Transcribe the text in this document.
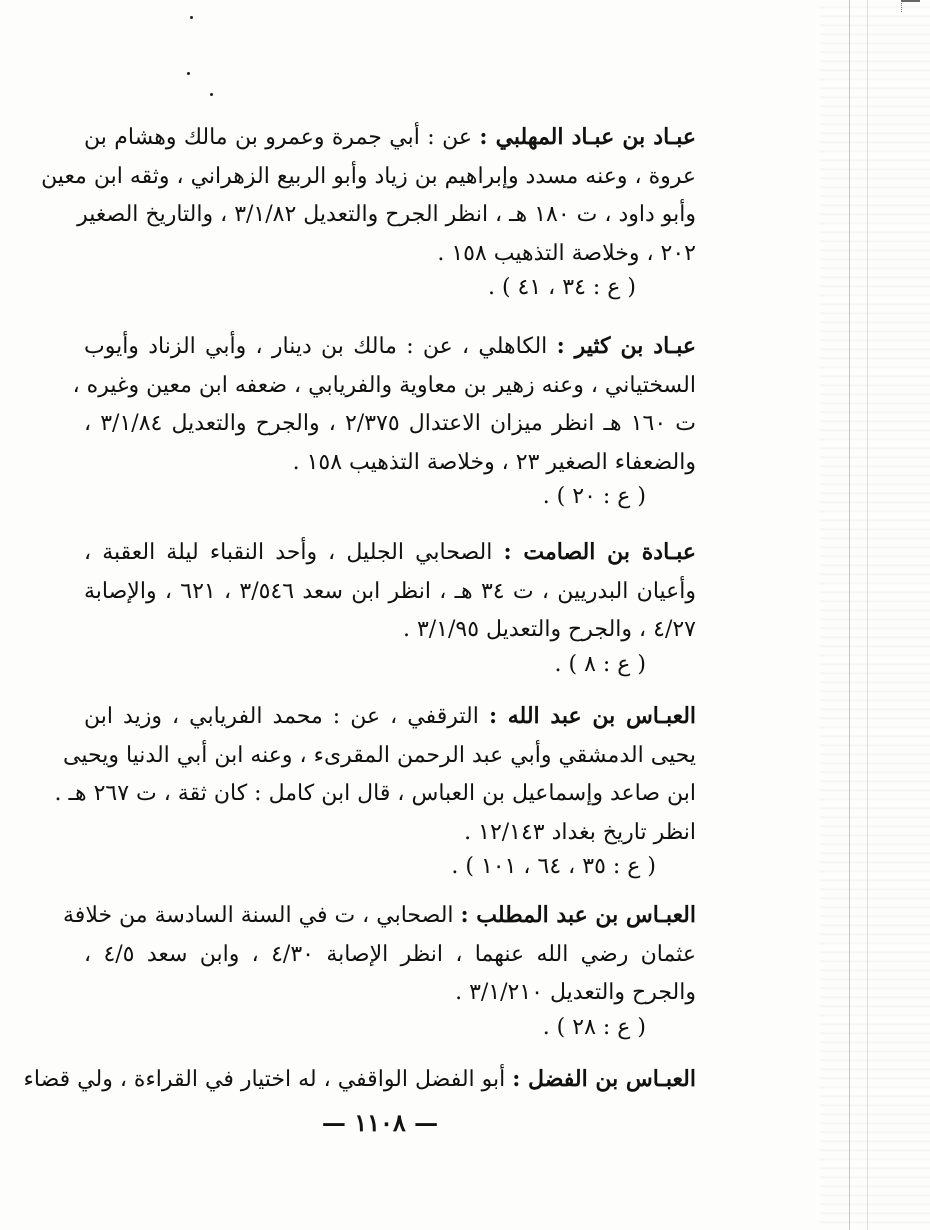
عبـاد بن عبـاد المهلبي : عن : أبي جمرة وعمرو بن مالك وهشام بن
عروة ، وعنه مسدد وإبراهيم بن زياد وأبو الربيع الزهراني ، وثقه ابن معين
وأبو داود ، ت ١٨٠ هـ ، انظر الجرح والتعديل ٣/١/٨٢ ، والتاريخ الصغير
٢٠٢ ، وخلاصة التذهيب ١٥٨ .
( ع : ٣٤ ، ٤١ ) .
عبـاد بن كثير : الكاهلي ، عن : مالك بن دينار ، وأبي الزناد وأيوب
السختياني ، وعنه زهير بن معاوية والفريابي ، ضعفه ابن معين وغيره ،
ت ١٦٠ هـ انظر ميزان الاعتدال ٢/٣٧٥ ، والجرح والتعديل ٣/١/٨٤ ،
والضعفاء الصغير ٢٣ ، وخلاصة التذهيب ١٥٨ .
( ع : ٢٠ ) .
عبـادة بن الصامت : الصحابي الجليل ، وأحد النقباء ليلة العقبة ،
وأعيان البدريين ، ت ٣٤ هـ ، انظر ابن سعد ٣/٥٤٦ ، ٦٢١ ، والإصابة
٤/٢٧ ، والجرح والتعديل ٣/١/٩٥ .
( ع : ٨ ) .
العبـاس بن عبد الله : الترقفي ، عن : محمد الفريابي ، وزيد ابن
يحيى الدمشقي وأبي عبد الرحمن المقرىء ، وعنه ابن أبي الدنيا ويحيى
ابن صاعد وإسماعيل بن العباس ، قال ابن كامل : كان ثقة ، ت ٢٦٧ هـ .
انظر تاريخ بغداد ١٢/١٤٣ .
( ع : ٣٥ ، ٦٤ ، ١٠١ ) .
العبـاس بن عبد المطلب : الصحابي ، ت في السنة السادسة من خلافة
عثمان رضي الله عنهما ، انظر الإصابة ٤/٣٠ ، وابن سعد ٤/٥ ،
والجرح والتعديل ٣/١/٢١٠ .
( ع : ٢٨ ) .
العبـاس بن الفضل : أبو الفضل الواقفي ، له اختيار في القراءة ، ولي قضاء
— ١١٠٨ —
